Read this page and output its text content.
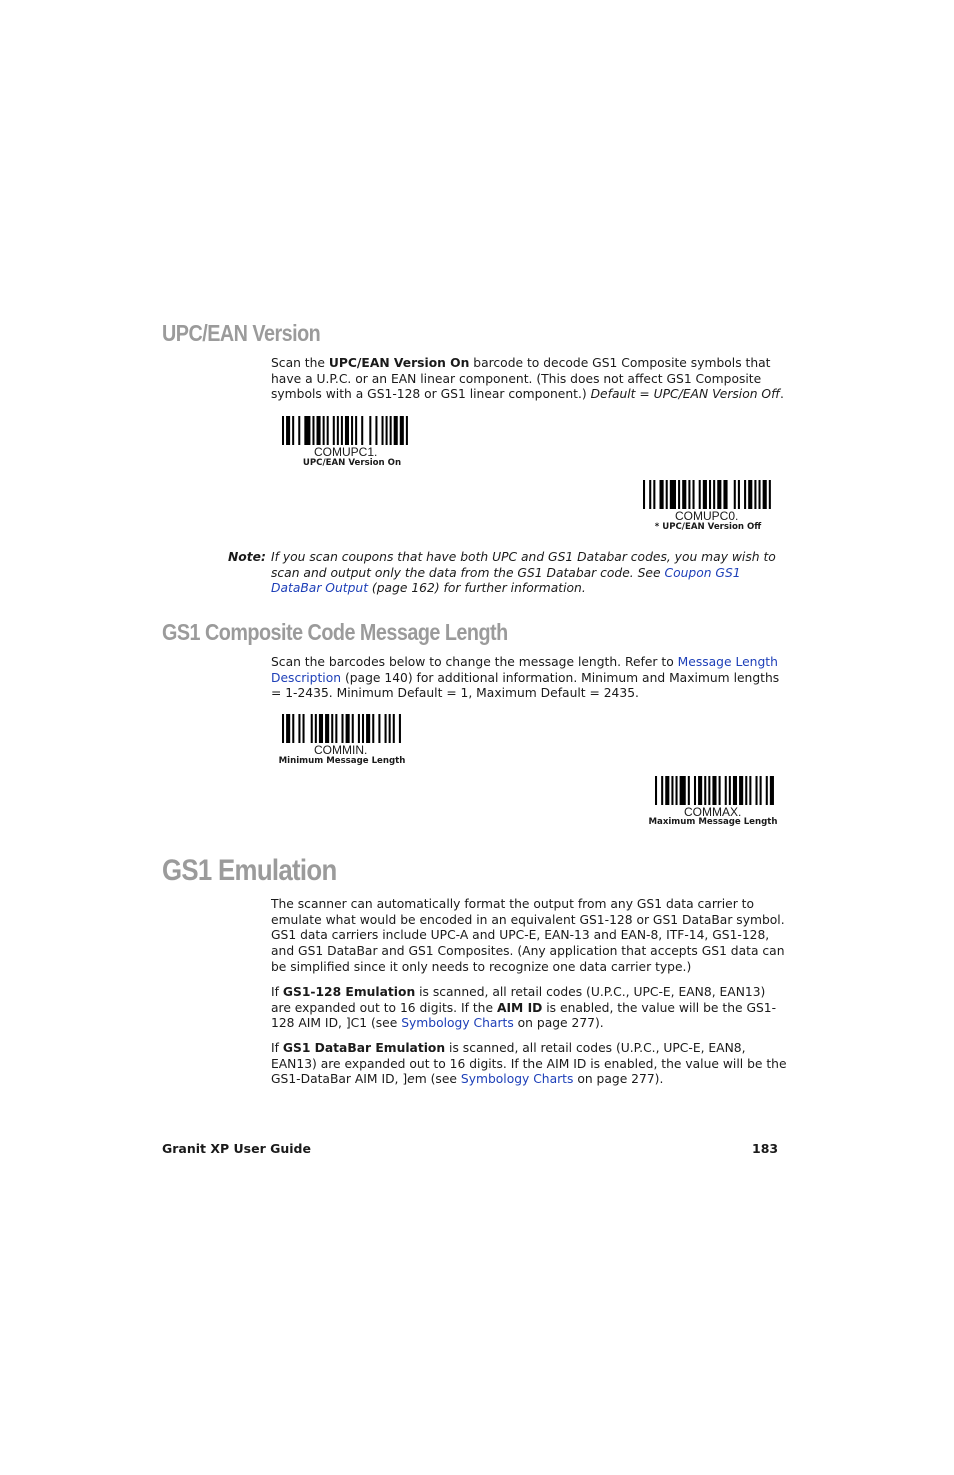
UPC/EAN Version
Scan the UPC/EAN Version On barcode to decode GS1 Composite symbols that have a U.P.C. or an EAN linear component. (This does not affect GS1 Composite symbols with a GS1-128 or GS1 linear component.) Default = UPC/EAN Version Off.
COMUPC1.
UPC/EAN Version On
COMUPC0.
* UPC/EAN Version Off
Note: If you scan coupons that have both UPC and GS1 Databar codes, you may wish to scan and output only the data from the GS1 Databar code. See Coupon GS1 DataBar Output (page 162) for further information.
GS1 Composite Code Message Length
Scan the barcodes below to change the message length. Refer to Message Length Description (page 140) for additional information. Minimum and Maximum lengths = 1-2435. Minimum Default = 1, Maximum Default = 2435.
COMMIN.
Minimum Message Length
COMMAX.
Maximum Message Length
GS1 Emulation
The scanner can automatically format the output from any GS1 data carrier to emulate what would be encoded in an equivalent GS1-128 or GS1 DataBar symbol. GS1 data carriers include UPC-A and UPC-E, EAN-13 and EAN-8, ITF-14, GS1-128, and GS1 DataBar and GS1 Composites. (Any application that accepts GS1 data can be simplified since it only needs to recognize one data carrier type.)
If GS1-128 Emulation is scanned, all retail codes (U.P.C., UPC-E, EAN8, EAN13) are expanded out to 16 digits. If the AIM ID is enabled, the value will be the GS1-128 AIM ID, ]C1 (see Symbology Charts on page 277).
If GS1 DataBar Emulation is scanned, all retail codes (U.P.C., UPC-E, EAN8, EAN13) are expanded out to 16 digits. If the AIM ID is enabled, the value will be the GS1-DataBar AIM ID, ]em (see Symbology Charts on page 277).
Granit XP User Guide	183
